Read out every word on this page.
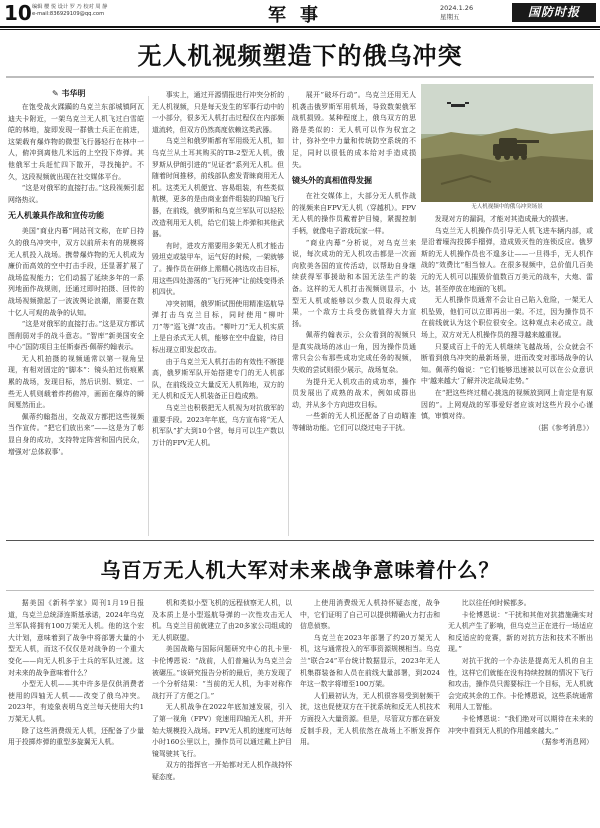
10 编辑 樱 悦 设计 罗 乃 校对 周 静
e-mail:836929109@qq.com	军事	2024.1.26
星期五	国防时报
无人机视频塑造下的俄乌冲突
✎ 韦华明

在饱受战火蹂躏的乌克兰东部城镇阿瓦迪夫卡附近，一架乌克兰无人机飞过白雪皑皑的林地，旋即发现一群俄士兵正在前进，这架载有爆炸物的微型飞行器轻行在林中一人，俯冲到离他几米远的上空投下炸弹。其他俄军士兵赶忙四下散开，寻找掩护。不久，这段视频就出现在社交媒体平台。

“这是对俄军的直接打击。”这段视频引起网络热议。

无人机兼具作战和宣传功能

美国“商业内幕”网站刊文称，在旷日持久的俄乌冲突中，双方以前所未有的规模将无人机投入战场。携带爆炸物的无人机成为廉价而高效的空中打击手段，还显著扩展了战场监视能力；它们动摇了延续多年的一系列地面作战规则，还通过即时拍摄、回传的战场视频掀起了一波波舆论浪潮，需要在数十亿人可观的战争的认知。

“这是对俄军的直接打击。”这是双方都试图削弱对手的战斗意志。“智库”新美国安全中心“国防项目主任斯泰西·佩蒂约翰表示。

无人机拍摄的视频通常以第一视角呈现，有相对固定的“脚本”：镜头拍过伤痕累累的战场，发现目标，然后识别、锁定、一些无人机则载着炸药俯冲，画面在爆炸的瞬间戛然而止。

佩蒂约翰指出，交战双方都把这些视频当作宣传。“把它们放出来”——这是为了彰显自身的成功，支持特定阵营和国内民众，增强对‘总体叙事’。

事实上，通过开源情报进行冲突分析的无人机视频，只是每天发生的军事行动中的一小部分，很多无人机打击过程仅在内部频道流转，但双方仍然高度依赖这类武器。

乌克兰和俄罗斯都有军用级无人机，如乌克兰从土耳其购买的TB-2型无人机，俄罗斯从伊朗引进的“见证者”系列无人机。但随着时间推移，前线部队愈发青睐商用无人机。这类无人机便宜、容易组装，有些类似航模，更多的是由商业套件组装的四轴飞行器，在前线，俄罗斯和乌克兰军队可以轻松改造利用无人机，给它们装上炸弹和其他武器。

有时，进攻方需要用多架无人机才能击毁坦克或装甲车，运气好的时候，一架就够了。操作员在研修上需精心挑选攻击目标，用这些四处游荡的“飞行死神”让前线变得杀机四伏。

冲突初期，俄罗斯试图使用精准巡航导弹打击乌克兰目标，同时使用“柳叶刀”等“巡飞弹”攻击。“柳叶刀”无人机实质上是自杀式无人机，能够在空中盘旋，待目标出现立即发起攻击。

由于乌克兰无人机打击的有效性不断提高，俄罗斯军队开始搭建专门的无人机部队，在前线设立大量反无人机阵地，双方的无人机和反无人机装备正日趋成熟。

乌克兰也积极把无人机视为对抗俄军的重要手段。2023年年底，乌方宣布将“无人机军队”扩大到10个营，每月可以生产数以万计的FPV无人机。

展开”破坏行动”。乌克兰还用无人机袭击俄罗斯军用机场，导致数架俄军战机损毁。某种程度上，俄乌双方的思路是类似的：无人机可以作为权宜之计，弥补空中力量和传统防空系统的不足，同时以很低的成本给对手造成损失。

镜头外的真相值得发掘

在社交媒体上，大部分无人机作战的视频来自FPV无人机（穿越机）。FPV无人机的操作员戴着护目镜，紧握控制手柄，就像电子游戏玩家一样。

“商业内幕”分析说，对乌克兰来说，每次成功的无人机攻击都是一次面向欧美各国的宣传活动，以帮助自身继续获得军事援助和本国无法生产的装备。这样的无人机打击视频则显示，小型无人机或能够以少数人员取得大成果，一个敌方士兵受伤就值得大力宣扬。

佩蒂约翰表示，公众看到的视频只是真实战场的冰山一角，因为操作员通常只会公布那些成功完成任务的视频，失败的尝试则很少展示，战场复杂。

为提升无人机攻击的成功率，操作员发展出了成熟的战术，例如成群出动，并从多个方向进攻目标。

一些新的无人机还配备了自动瞄准等辅助功能。它们可以绕过电子干扰。

无人机视频中的俄乌冲突场景

发现对方的漏洞，才能对其造成最大的损害。

乌克兰无人机操作员引导无人机飞进车辆内部，或是沿着壕沟投掷手榴弹，造成毁灭性的连锁反应。俄罗斯的无人机操作员也不遑多让——一旦得手，无人机作战的“效费比”相当惊人。在很多视频中，总价值几百美元的无人机可以摧毁价值数百万美元的战车，大炮、雷达，甚至停放在地面的飞机。

无人机操作员通常不会让自己陷入危险，一架无人机坠毁，他们可以立即再出一架。不过，因为操作员不在前线就认为这个职位很安全。这种观点未必成立。战场上，双方对无人机操作员的搜寻越来越重视。

只要成百上千的无人机继续飞越战场，公众就会不断看到俄乌冲突的最新场景，进而改变对那场战争的认知。佩蒂约翰说：“它们能够迅速被以可以在公众意识中‘越来越大’了解并决定战局走势。”

在“把这些终过精心挑选的视频放到网上肯定是有原因的”。上网观战的军事爱好者应该对这些片段小心谨慎，审慎对待。

（据《参考消息》）

乌百万无人机大军对未来战争意味着什么？

据美国《新科学家》周刊1月19日报道，乌克兰总统泽连斯基承诺，2024年乌克兰军队将拥有100万架无人机。他的这个宏大计划，意味着到了战争中将部署大量的小型无人机，而这不仅仅是对战争的一个重大变化——向无人机多于士兵的军队过渡。这对未来的战争意味着什么？

小型无人机——其中许多是仅供消费者使用的四轴无人机——改变了俄乌冲突。2023年，有迹象表明乌克兰每天使用大约1万架无人机。

除了这些消费级无人机，还配备了少量用于投掷炸弹的重型多旋翼无人机。

机和类似小型飞机的远程侦察无人机，以及本质上是小型巡航导弹的一次性攻击无人机。乌克兰目前就建立了由20多家公司组成的无人机联盟。

美国战略与国际问题研究中心的扎卡里·卡伦博恩说：“战前，人们普遍认为乌克兰会被碾压。”该研究报告分析的最后，美方发现了一个分析结果：“当前的无人机，为非对称作战打开了方便之门。”

无人机战争在2022年底加速发展，引入了第一视角（FPV）竞速用四轴无人机，并开始大规模投入战场。FPV无人机的速度可达每小时160公里以上，操作员可以通过戴上护目镜驾驶其飞行。

双方的指挥官一开始都对无人机作战持怀疑态度。

上使用消费级无人机持怀疑态度，战争中，它们证明了自己可以提供精确火力打击和信息侦察。

乌克兰在2023年部署了约20万架无人机，这与通常投入的军事资源规模相当。乌克兰“联合24”平台统计数据显示，2023年无人机集群装备和人员在前线大量部署，到2024年这一数字将增至100万架。

人们最初认为，无人机很容易受到射频干扰，这也促使双方在干扰系统和反无人机技术方面投入大量资源。但是，尽管双方都在研发反制手段，无人机依然在战场上不断发挥作用。

比以往任何时候都多。

卡伦博恩说：“干扰和其他对抗措施确实对无人机产生了影响，但乌克兰正在进行一场适应和反适应的竞赛，新的对抗方法和技术不断出现。”

对抗干扰的一个办法是提高无人机的自主性，这样它们就能在没有持续控制的情况下飞行和攻击，操作员只需要标注一个目标，无人机就会完成其余的工作。卡伦博恩说，这些系统通常利用人工智能。

卡伦博恩说：“我们绝对可以期待在未来的冲突中看到无人机的作用越来越大。”

（据参考消息网）
